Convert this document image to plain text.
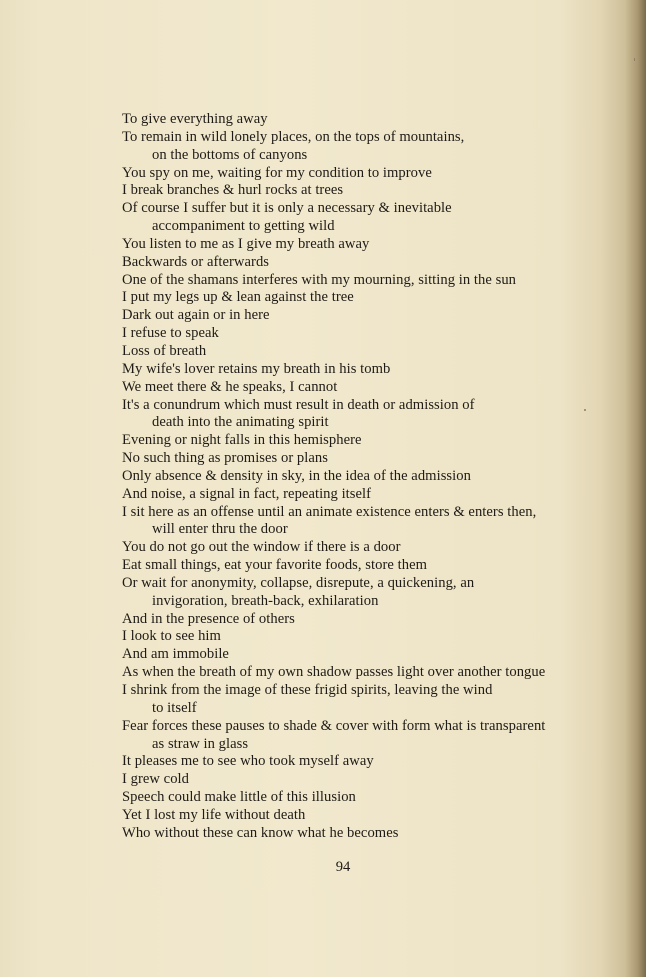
To give everything away
To remain in wild lonely places, on the tops of mountains,
on the bottoms of canyons
You spy on me, waiting for my condition to improve
I break branches & hurl rocks at trees
Of course I suffer but it is only a necessary & inevitable
accompaniment to getting wild
You listen to me as I give my breath away
Backwards or afterwards
One of the shamans interferes with my mourning, sitting in the sun
I put my legs up & lean against the tree
Dark out again or in here
I refuse to speak
Loss of breath
My wife's lover retains my breath in his tomb
We meet there & he speaks, I cannot
It's a conundrum which must result in death or admission of
death into the animating spirit
Evening or night falls in this hemisphere
No such thing as promises or plans
Only absence & density in sky, in the idea of the admission
And noise, a signal in fact, repeating itself
I sit here as an offense until an animate existence enters & enters then,
will enter thru the door
You do not go out the window if there is a door
Eat small things, eat your favorite foods, store them
Or wait for anonymity, collapse, disrepute, a quickening, an
invigoration, breath-back, exhilaration
And in the presence of others
I look to see him
And am immobile
As when the breath of my own shadow passes light over another tongue
I shrink from the image of these frigid spirits, leaving the wind
to itself
Fear forces these pauses to shade & cover with form what is transparent
as straw in glass
It pleases me to see who took myself away
I grew cold
Speech could make little of this illusion
Yet I lost my life without death
Who without these can know what he becomes
94
